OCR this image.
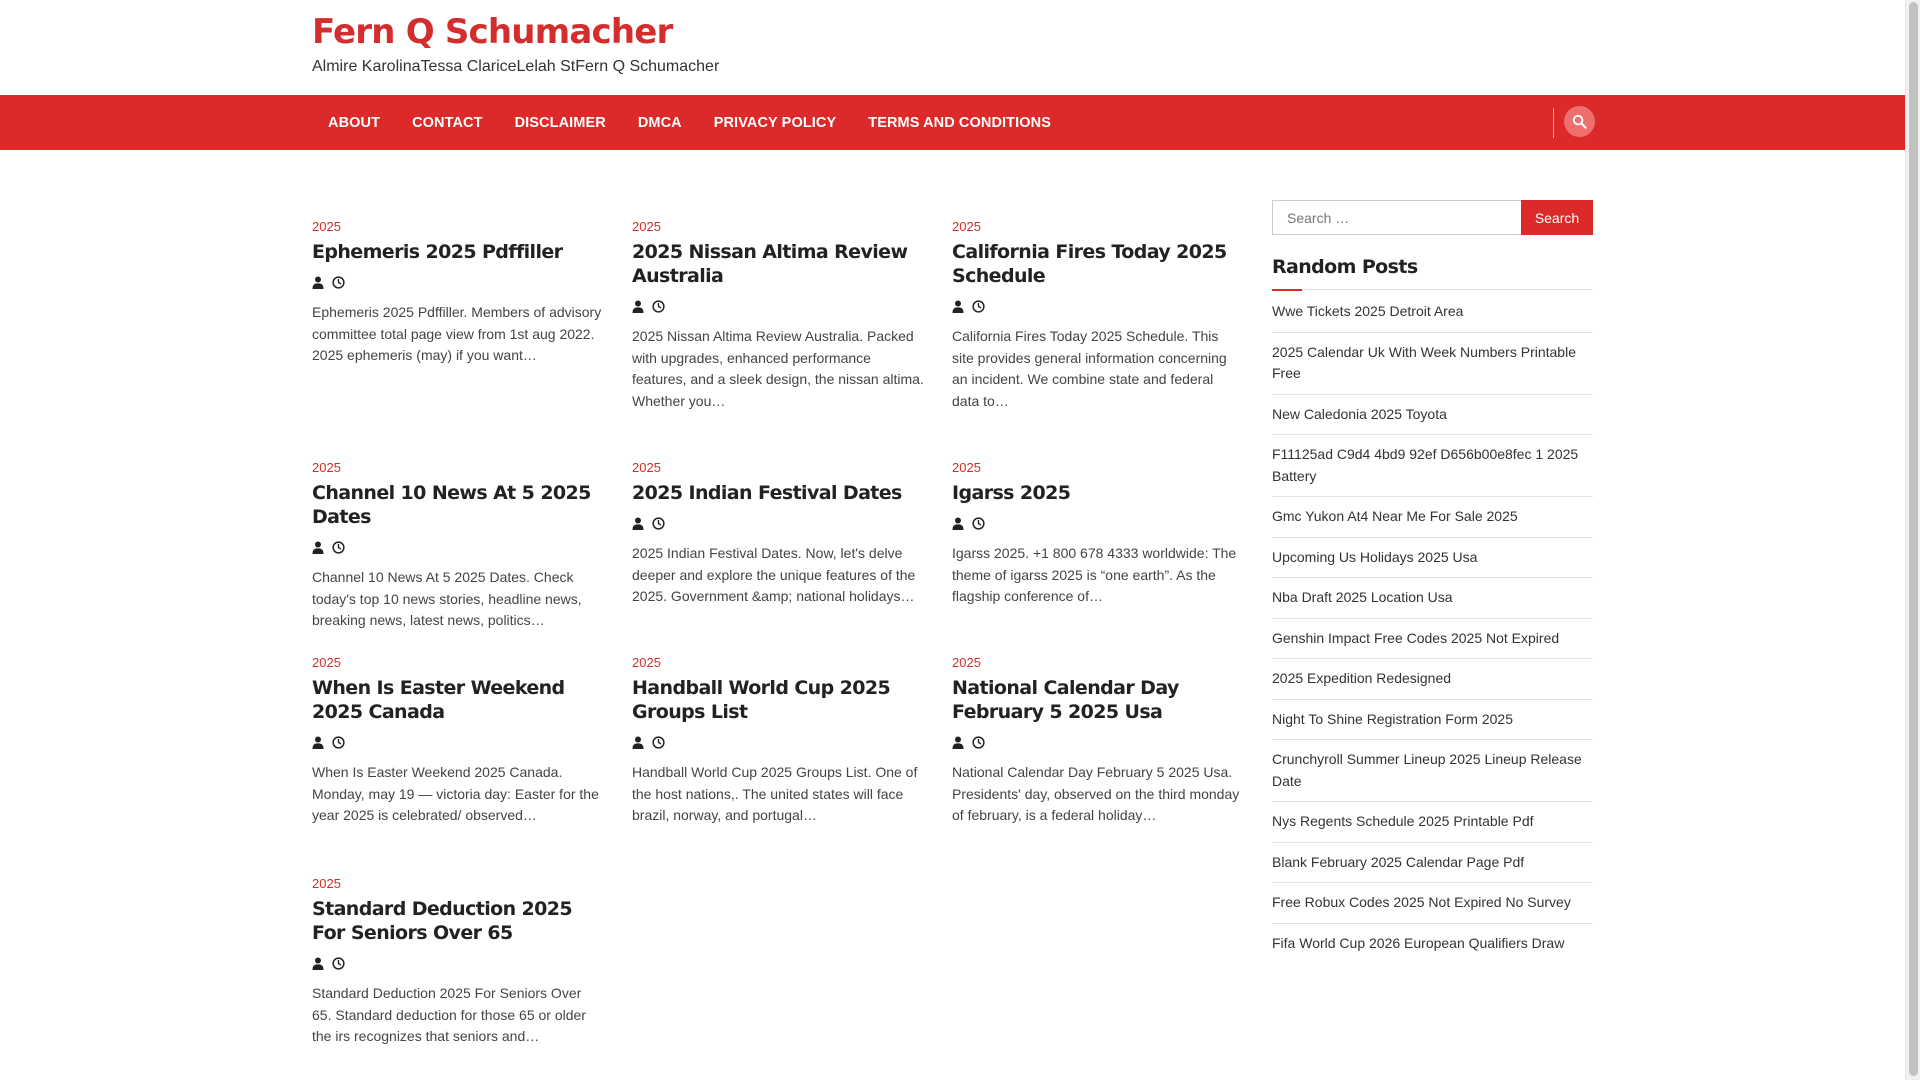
Fern Q Schumacher
Almire KarolinaTessa ClariceLelah StFern Q Schumacher
ABOUT	CONTACT	DISCLAIMER	DMCA	PRIVACY POLICY	TERMS AND CONDITIONS
2025
Ephemeris 2025 Pdffiller

Ephemeris 2025 Pdffiller. Members of advisory committee total page view from 1st aug 2022. 2025 ephemeris (may) if you want…

2025
2025 Nissan Altima Review Australia

2025 Nissan Altima Review Australia. Packed with upgrades, enhanced performance features, and a sleek design, the nissan altima. Whether you…

2025
California Fires Today 2025 Schedule

California Fires Today 2025 Schedule. This site provides general information concerning an incident. We combine state and federal data to…

2025
Channel 10 News At 5 2025 Dates

Channel 10 News At 5 2025 Dates. Check today's top 10 news stories, headline news, breaking news, latest news, politics…

2025
2025 Indian Festival Dates

2025 Indian Festival Dates. Now, let's delve deeper and explore the unique features of the 2025. Government &amp; national holidays…

2025
Igarss 2025

Igarss 2025. +1 800 678 4333 worldwide: The theme of igarss 2025 is “one earth”. As the flagship conference of…

2025
When Is Easter Weekend 2025 Canada

When Is Easter Weekend 2025 Canada. Monday, may 19 — victoria day: Easter for the year 2025 is celebrated/ observed…

2025
Handball World Cup 2025 Groups List

Handball World Cup 2025 Groups List. One of the host nations,. The united states will face brazil, norway, and portugal…

2025
National Calendar Day February 5 2025 Usa

National Calendar Day February 5 2025 Usa. Presidents' day, observed on the third monday of february, is a federal holiday…

2025
Standard Deduction 2025 For Seniors Over 65

Standard Deduction 2025 For Seniors Over 65. Standard deduction for those 65 or older the irs recognizes that seniors and…

Search …
Search
Random Posts
Wwe Tickets 2025 Detroit Area
2025 Calendar Uk With Week Numbers Printable Free
New Caledonia 2025 Toyota
F11125ad C9d4 4bd9 92ef D656b00e8fec 1 2025 Battery
Gmc Yukon At4 Near Me For Sale 2025
Upcoming Us Holidays 2025 Usa
Nba Draft 2025 Location Usa
Genshin Impact Free Codes 2025 Not Expired
2025 Expedition Redesigned
Night To Shine Registration Form 2025
Crunchyroll Summer Lineup 2025 Lineup Release Date
Nys Regents Schedule 2025 Printable Pdf
Blank February 2025 Calendar Page Pdf
Free Robux Codes 2025 Not Expired No Survey
Fifa World Cup 2026 European Qualifiers Draw
